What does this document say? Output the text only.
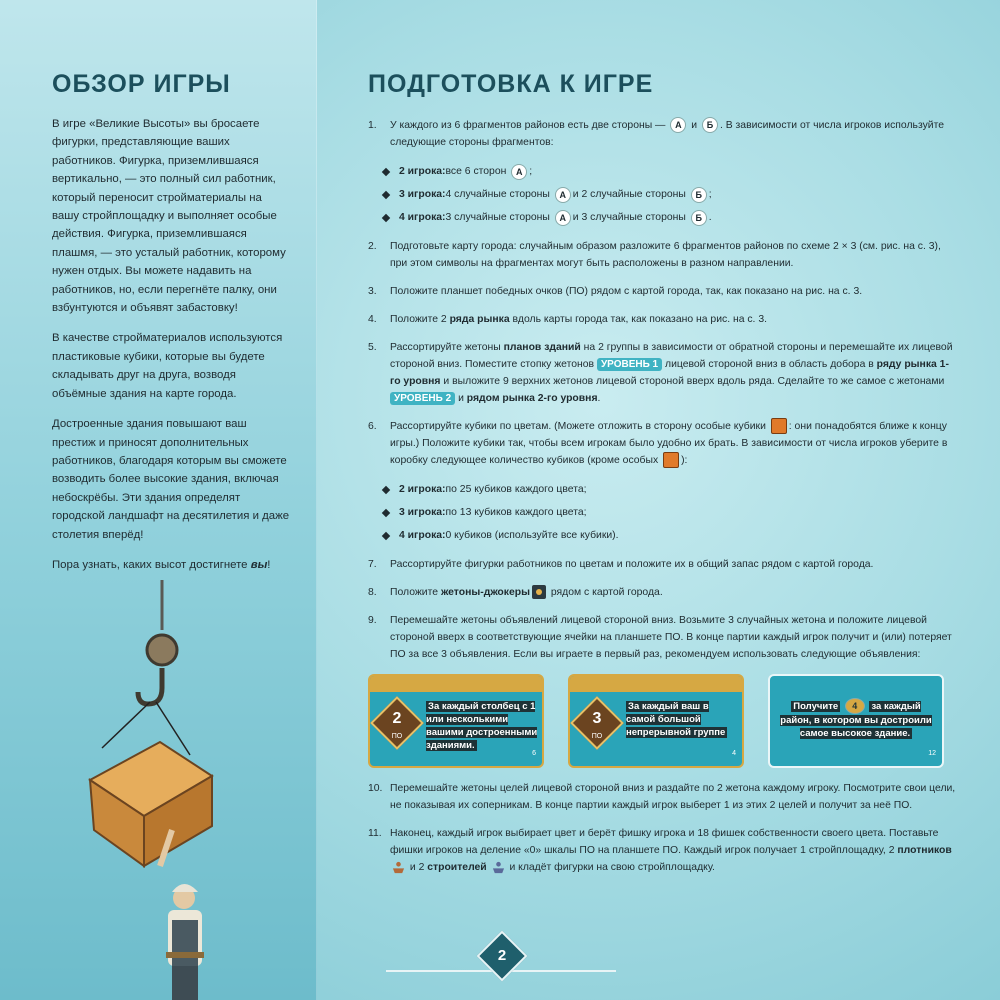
ОБЗОР ИГРЫ

В игре «Великие Высоты» вы бросаете фигурки, представляющие ваших работников. Фигурка, приземлившаяся вертикально, — это полный сил работник, который переносит стройматериалы на вашу стройплощадку и выполняет особые действия. Фигурка, приземлившаяся плашмя, — это усталый работник, которому нужен отдых. Вы можете надавить на работников, но, если перегнёте палку, они взбунтуются и объявят забастовку!

В качестве стройматериалов используются пластиковые кубики, которые вы будете складывать друг на друга, возводя объёмные здания на карте города.

Достроенные здания повышают ваш престиж и приносят дополнительных работников, благодаря которым вы сможете возводить более высокие здания, включая небоскрёбы. Эти здания определят городской ландшафт на десятилетия и даже столетия вперёд!

Пора узнать, каких высот достигнете вы!

ПОДГОТОВКА К ИГРЕ
1.	У каждого из 6 фрагментов районов есть две стороны — А и Б . В зависимости от числа игроков используйте следующие стороны фрагментов:
2 игрока: все 6 сторон
	А ;
3 игрока: 4 случайные стороны
	А и 2 случайные стороны
	Б ;
4 игрока: 3 случайные стороны
	А и 3 случайные стороны
	Б .
2.	Подготовьте карту города: случайным образом разложите 6 фрагментов районов по схеме 2 × 3 (см. рис. на с. 3), при этом символы на фрагментах могут быть расположены в разном направлении.
3.	Положите планшет победных очков (ПО) рядом с картой города, так, как показано на рис. на с. 3.
4.	Положите 2 ряда рынка вдоль карты города так, как показано на рис. на с. 3.
5.	Рассортируйте жетоны планов зданий на 2 группы в зависимости от обратной стороны и перемешайте их лицевой стороной вниз. Поместите стопку жетонов УРОВЕНЬ 1 лицевой стороной вниз в область добора в ряду рынка 1-го уровня и выложите 9 верхних жетонов лицевой стороной вверх вдоль ряда. Сделайте то же самое с жетонами УРОВЕНЬ 2 и рядом рынка 2-го уровня.
6.	Рассортируйте кубики по цветам. (Можете отложить в сторону особые кубики : они понадобятся ближе к концу игры.) Положите кубики так, чтобы всем игрокам было удобно их брать. В зависимости от числа игроков уберите в коробку следующее количество кубиков (кроме особых ):
2 игрока: по 25 кубиков каждого цвета;
3 игрока: по 13 кубиков каждого цвета;
4 игрока: 0 кубиков (используйте все кубики).
7.	Рассортируйте фигурки работников по цветам и положите их в общий запас рядом с картой города.
8.	Положите жетоны-джокеры рядом с картой города.
9.	Перемешайте жетоны объявлений лицевой стороной вниз. Возьмите 3 случайных жетона и положите лицевой стороной вверх в соответствующие ячейки на планшете ПО. В конце партии каждый игрок получит и (или) потеряет ПО за все 3 объявления. Если вы играете в первый раз, рекомендуем использовать следующие объявления:
2
ПО
За каждый столбец с 1 или несколькими вашими достроенными зданиями.
6
3
ПО
За каждый ваш в самой большой непрерывной группе
4
Получите 4 за каждый район, в котором вы достроили самое высокое здание.
12
10. Перемешайте жетоны целей лицевой стороной вниз и раздайте по 2 жетона каждому игроку. Посмотрите свои цели, не показывая их соперникам. В конце партии каждый игрок выберет 1 из этих 2 целей и получит за неё ПО.
11. Наконец, каждый игрок выбирает цвет и берёт фишку игрока и 18 фишек собственности своего цвета. Поставьте фишки игроков на деление «0» шкалы ПО на планшете ПО. Каждый игрок получает 1 стройплощадку, 2 плотников  и 2 строителей  и кладёт фигурки на свою стройплощадку.
2
